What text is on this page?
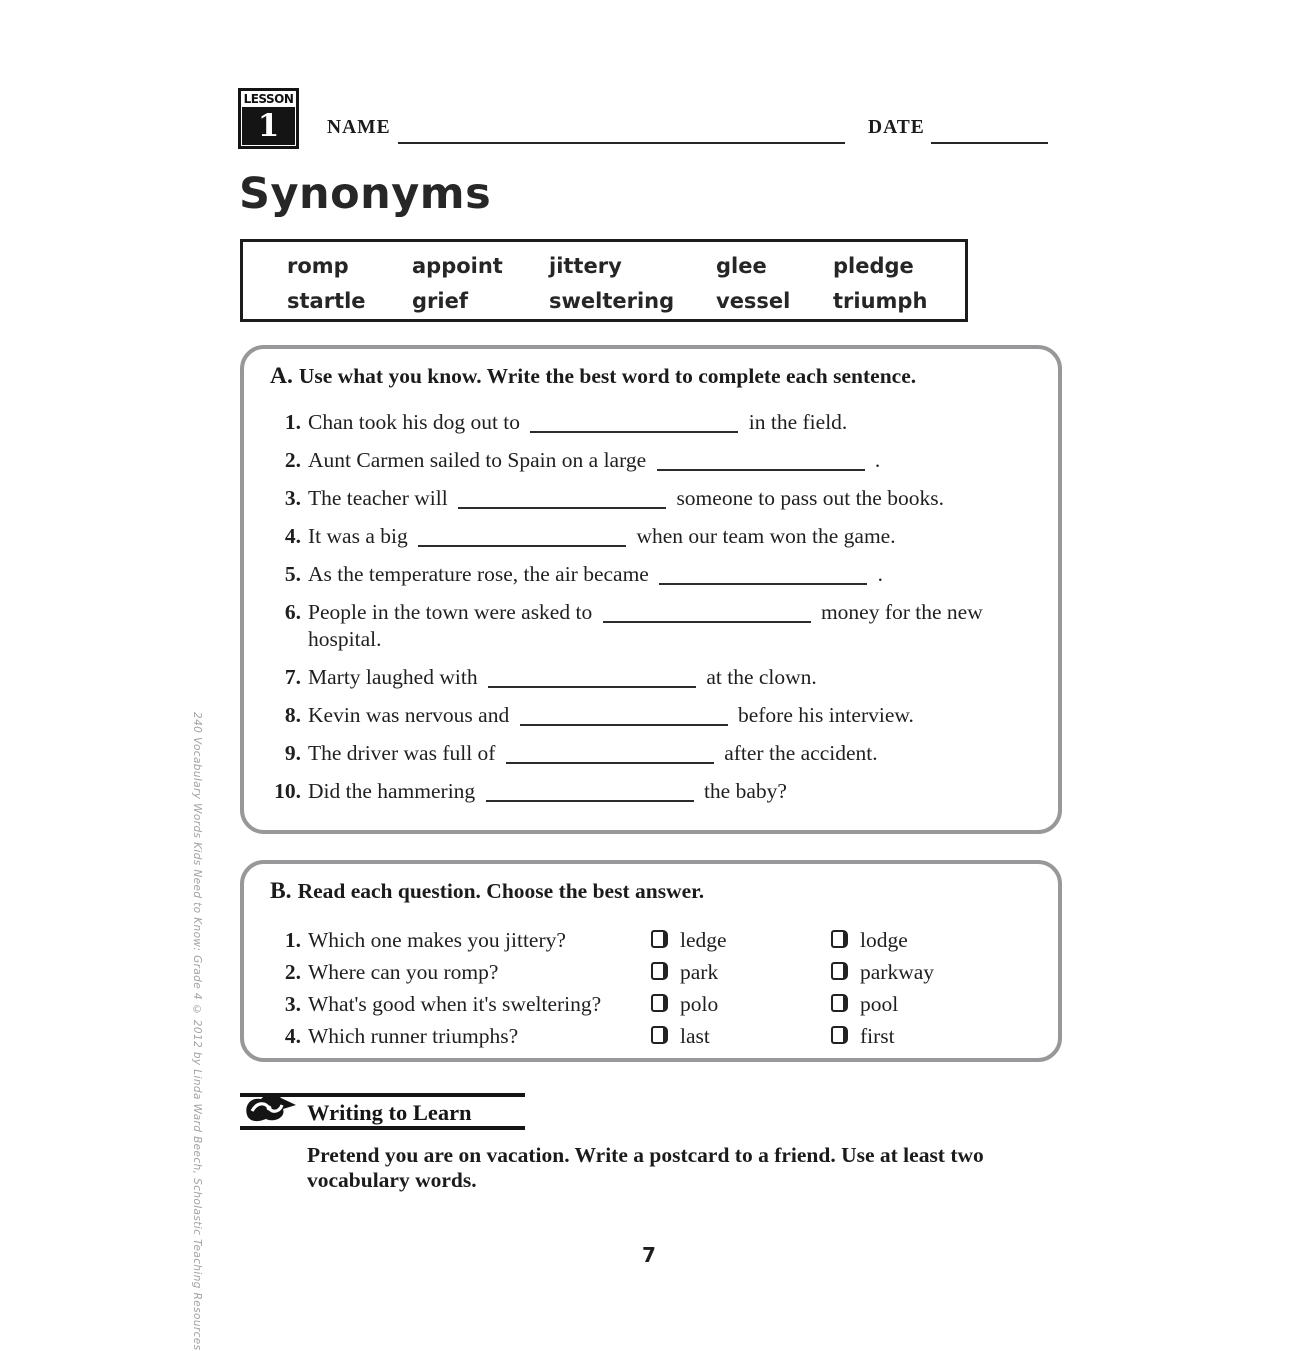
240 Vocabulary Words Kids Need to Know: Grade 4 © 2012 by Linda Ward Beech, Scholastic Teaching Resources
LESSON
1	NAME	DATE
Synonyms
romp	appoint	jittery	glee	pledge
startle	grief	sweltering	vessel	triumph
A. Use what you know. Write the best word to complete each sentence.
1. Chan took his dog out to	in the field.
2. Aunt Carmen sailed to Spain on a large	.
3. The teacher will	someone to pass out the books.
4. It was a big	when our team won the game.
5. As the temperature rose, the air became	.
6. People in the town were asked to	money for the new hospital.
7. Marty laughed with	at the clown.
8. Kevin was nervous and	before his interview.
9. The driver was full of	after the accident.
10. Did the hammering	the baby?
B. Read each question. Choose the best answer.
1. Which one makes you jittery?	ledge	lodge
2. Where can you romp?	park	parkway
3. What's good when it's sweltering?	polo	pool
4. Which runner triumphs?	last	first
Writing to Learn

Pretend you are on vacation. Write a postcard to a friend. Use at least two vocabulary words.

7
